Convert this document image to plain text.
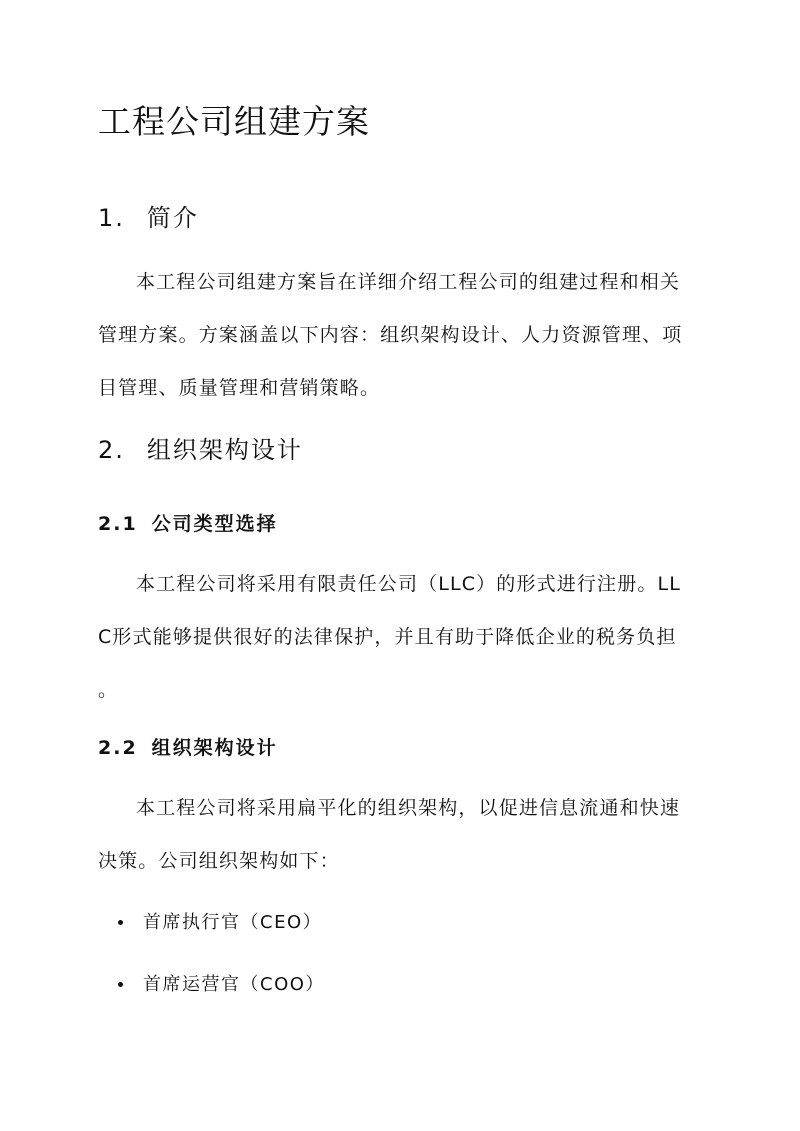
工程公司组建方案
1. 简介

本工程公司组建方案旨在详细介绍工程公司的组建过程和相关
管理方案。方案涵盖以下内容：组织架构设计、人力资源管理、项
目管理、质量管理和营销策略。

2. 组织架构设计
2.1 公司类型选择

本工程公司将采用有限责任公司（LLC）的形式进行注册。LL
C形式能够提供很好的法律保护，并且有助于降低企业的税务负担
。

2.2 组织架构设计

本工程公司将采用扁平化的组织架构，以促进信息流通和快速
决策。公司组织架构如下：

首席执行官（CEO）
首席运营官（COO）
